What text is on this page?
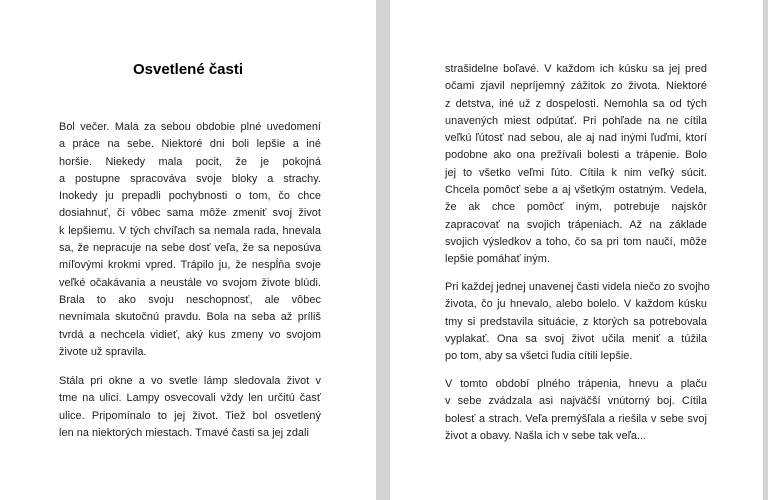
Osvetlené časti
Bol večer. Mala za sebou obdobie plné uvedomení
a práce na sebe. Niektoré dni boli lepšie a iné
horšie. Niekedy mala pocit, že je pokojná
a postupne spracováva svoje bloky a strachy.
Inokedy ju prepadli pochybnosti o tom, čo chce
dosiahnuť, či vôbec sama môže zmeniť svoj život
k lepšiemu. V tých chvíľach sa nemala rada, hnevala
sa, že nepracuje na sebe dosť veľa, že sa neposúva
míľovými krokmi vpred. Trápilo ju, že nespĺňa svoje
veľké očakávania a neustále vo svojom živote blúdi.
Brala to ako svoju neschopnosť, ale vôbec
nevnímala skutočnú pravdu. Bola na seba až príliš
tvrdá a nechcela vidieť, aký kus zmeny vo svojom
živote už spravila.
Stála pri okne a vo svetle lámp sledovala život v
tme na ulici. Lampy osvecovali vždy len určitú časť
ulice. Pripomínalo to jej život. Tiež bol osvetlený
len na niektorých miestach. Tmavé časti sa jej zdali
strašidelne boľavé. V každom ich kúsku sa jej pred
očami zjavil nepríjemný zážitok zo života. Niektoré
z detstva, iné už z dospelosti. Nemohla sa od tých
unavených miest odpútať. Pri pohľade na ne cítila
veľkú ľútosť nad sebou, ale aj nad inými ľuďmi, ktorí
podobne ako ona prežívali bolesti a trápenie. Bolo
jej to všetko veľmi ľúto. Cítila k nim veľký súcit.
Chcela pomôcť sebe a aj všetkým ostatným. Vedela,
že ak chce pomôcť iným, potrebuje najskôr
zapracovať na svojich trápeniach. Až na základe
svojich výsledkov a toho, čo sa pri tom naučí, môže
lepšie pomáhať iným.
Pri každej jednej unavenej časti videla niečo zo svojho
života, čo ju hnevalo, alebo bolelo. V každom kúsku
tmy si predstavila situácie, z ktorých sa potrebovala
vyplakať. Ona sa svoj život učila meniť a túžila
po tom, aby sa všetci ľudia cítili lepšie.
V tomto období plného trápenia, hnevu a plaču
v sebe zvádzala asi najväčší vnútorný boj. Cítila
bolesť a strach. Veľa premýšľala a riešila v sebe svoj
život a obavy. Našla ich v sebe tak veľa...
